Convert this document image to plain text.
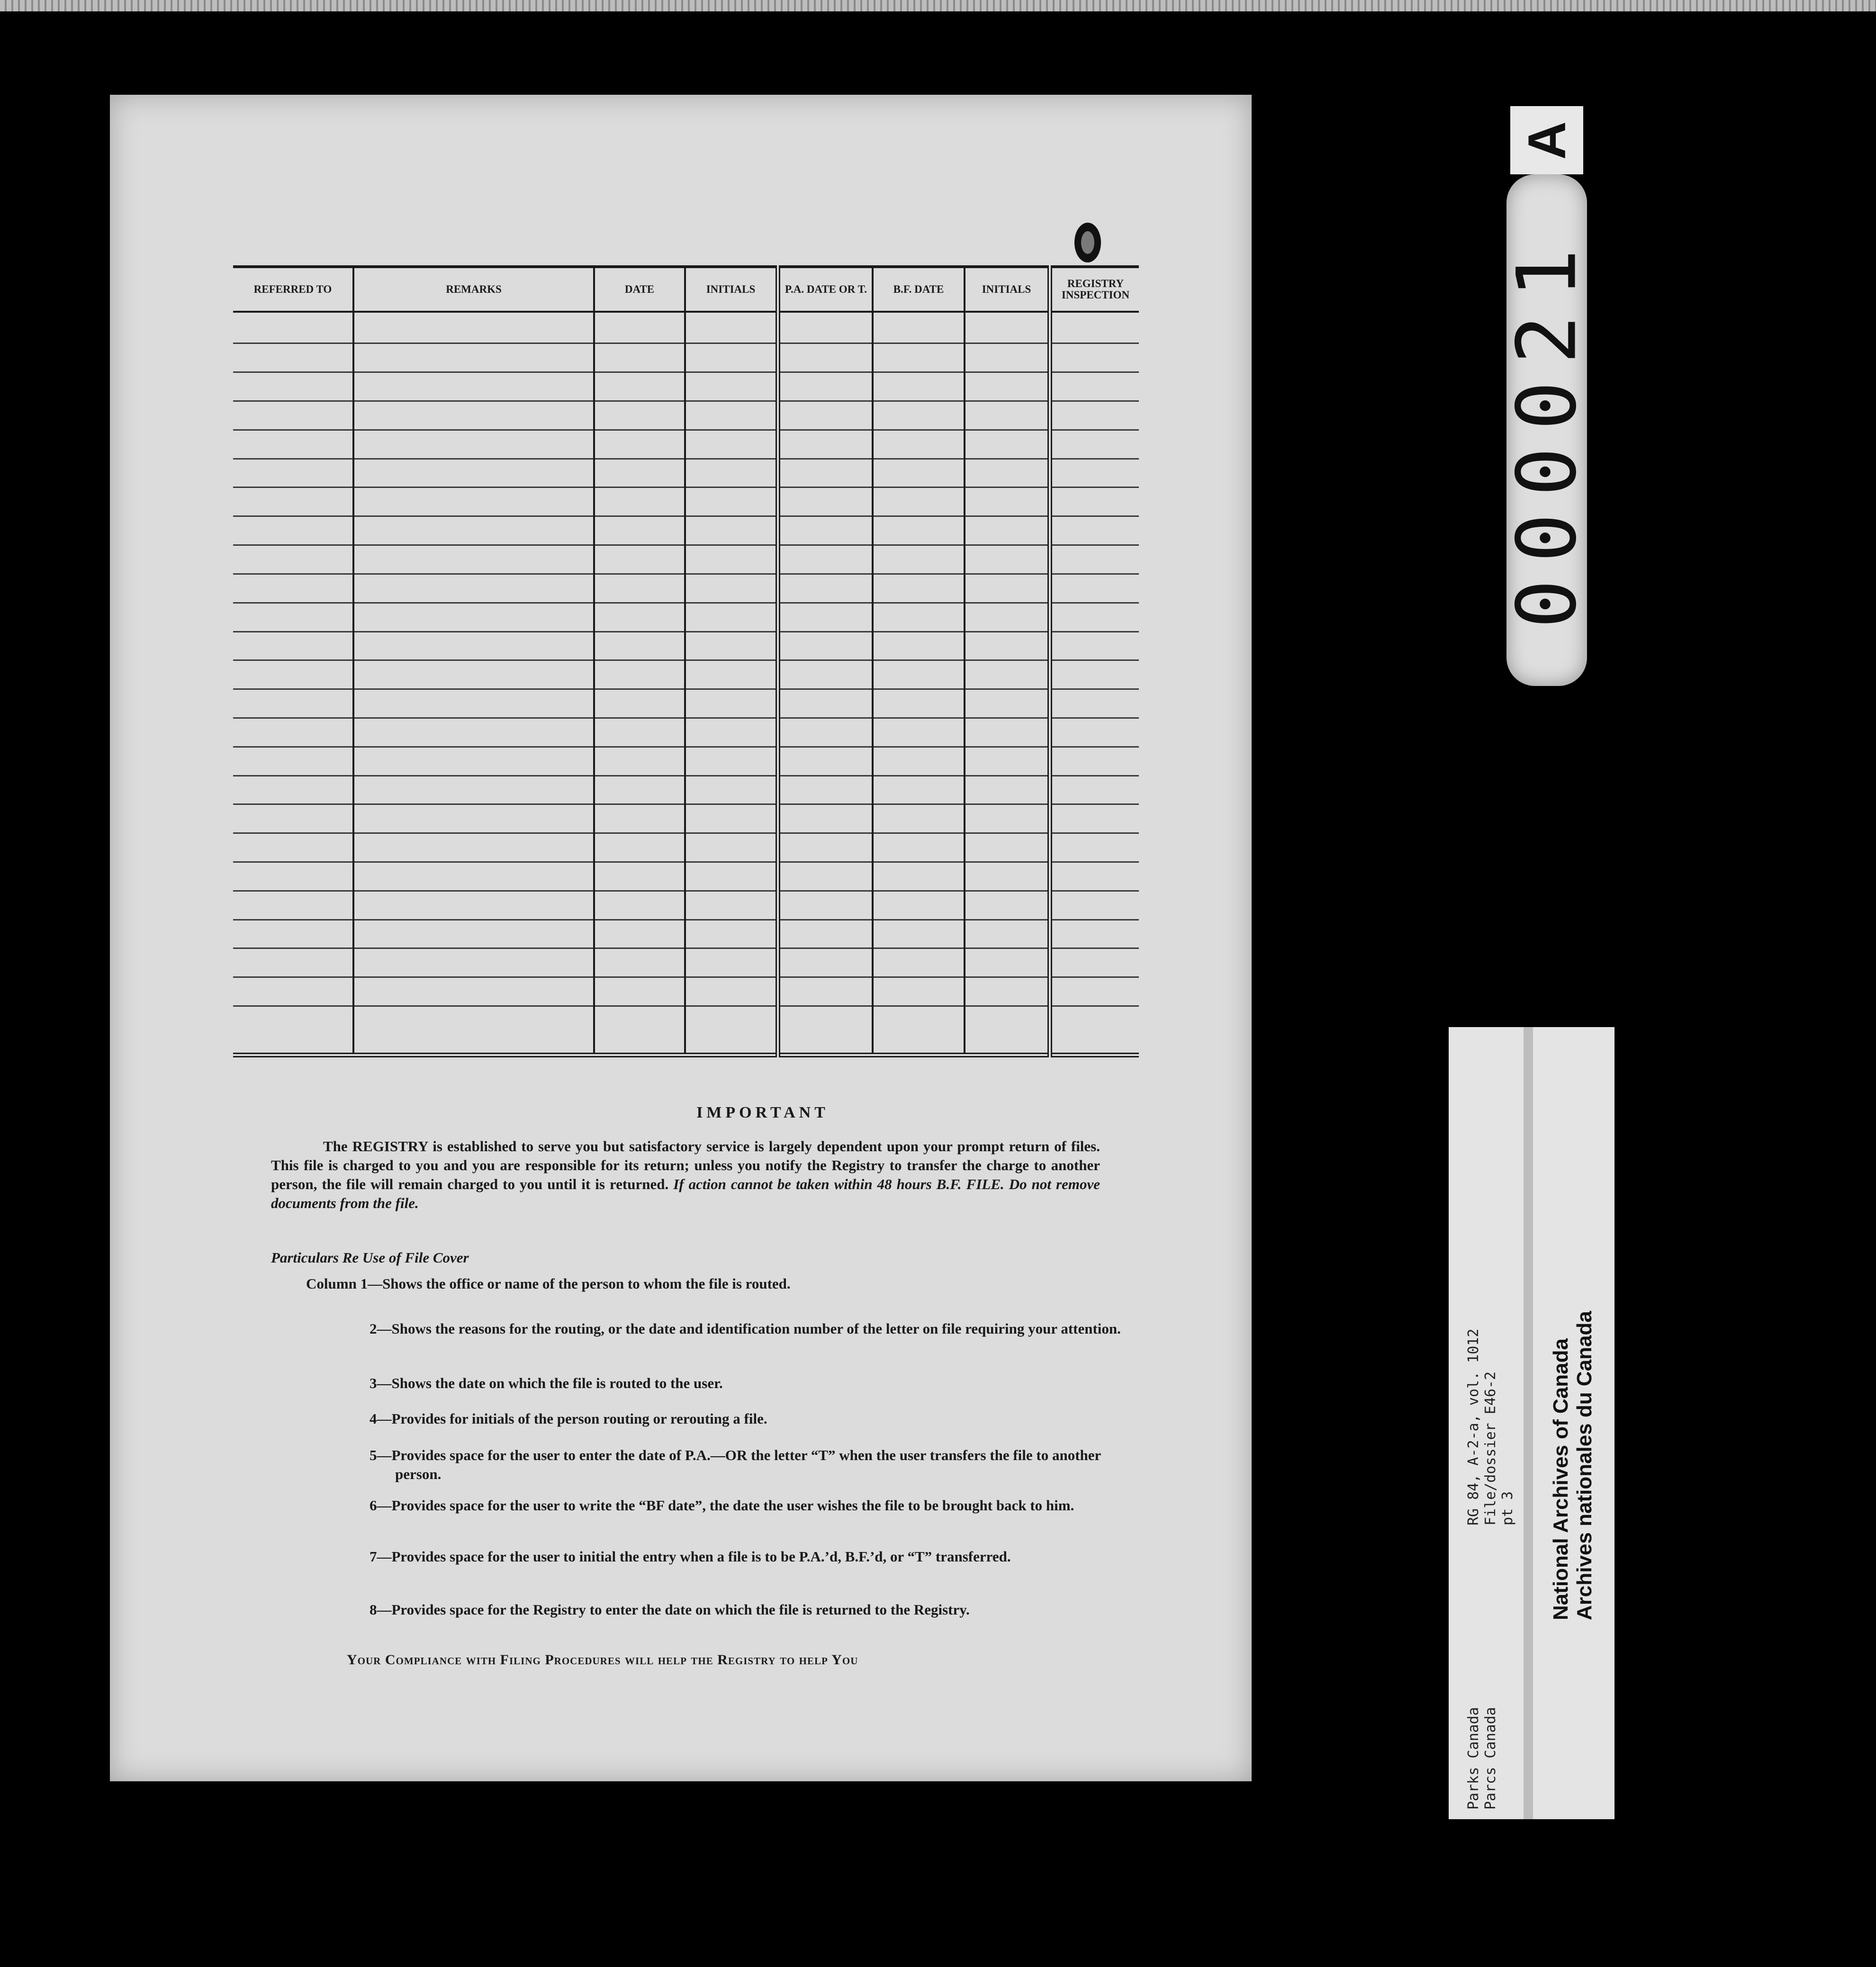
REFERRED TO	REMARKS	DATE	INITIALS	P.A. DATE OR T.	B.F. DATE	INITIALS	REGISTRY INSPECTION

IMPORTANT
The REGISTRY is established to serve you but satisfactory service is largely dependent upon your prompt return of files. This file is charged to you and you are responsible for its return; unless you notify the Registry to transfer the charge to another person, the file will remain charged to you until it is returned. If action cannot be taken within 48 hours B.F. FILE. Do not remove documents from the file.
Particulars Re Use of File Cover
Column 1—Shows the office or name of the person to whom the file is routed.
2—Shows the reasons for the routing, or the date and identification number of the letter on file requiring your attention.
3—Shows the date on which the file is routed to the user.
4—Provides for initials of the person routing or rerouting a file.
5—Provides space for the user to enter the date of P.A.—OR the letter “T” when the user transfers the file to another person.
6—Provides space for the user to write the “BF date”, the date the user wishes the file to be brought back to him.
7—Provides space for the user to initial the entry when a file is to be P.A.’d, B.F.’d, or “T” transferred.
8—Provides space for the Registry to enter the date on which the file is returned to the Registry.
Your Compliance with Filing Procedures will help the Registry to help You
A
000021
Parks Canada Parcs Canada
RG 84, A-2-a, vol. 1012 File/dossier E46-2 pt 3 National Archives of Canada Archives nationales du Canada
